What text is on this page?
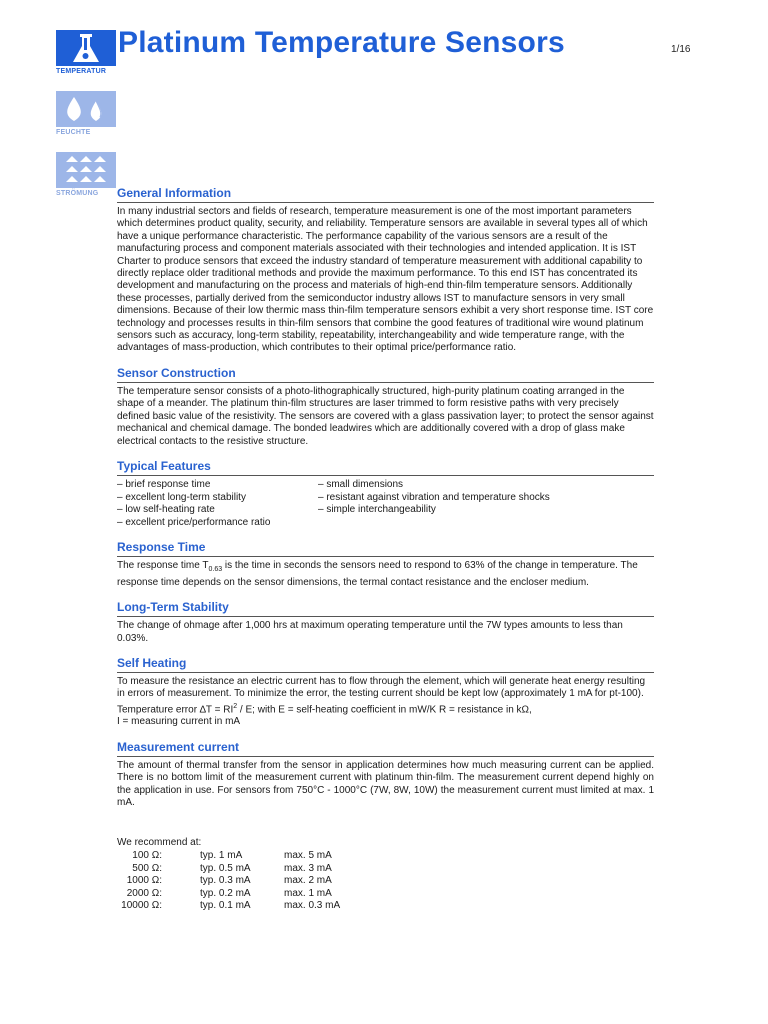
TEMPERATUR
FEUCHTE
STRÖMUNG
Platinum Temperature Sensors	1/16
General Information

In many industrial sectors and fields of research, temperature measurement is one of the most important parameters which determines product quality, security, and reliability. Temperature sensors are available in several types all of which have a unique performance characteristic. The performance capability of the various sensors are a result of the manufacturing process and component materials associated with their technologies and intended application. It is IST Charter to produce sensors that exceed the industry standard of temperature measurement with additional capability to directly replace older traditional methods and provide the maximum performance. To this end IST has concentrated its development and manufacturing on the process and materials of high-end thin-film temperature sensors. Additionally these processes, partially derived from the semiconductor industry allows IST to manufacture sensors in very small dimensions. Because of their low thermic mass thin-film temperature sensors exhibit a very short response time. IST core technology and processes results in thin-film sensors that combine the good features of traditional wire wound platinum sensors such as accuracy, long-term stability, repeatability, interchangeability and wide temperature range, with the advantages of mass-production, which contributes to their optimal price/performance ratio.

Sensor Construction

The temperature sensor consists of a photo-lithographically structured, high-purity platinum coating arranged in the shape of a meander. The platinum thin-film structures are laser trimmed to form resistive paths with very precisely defined basic value of the resistivity. The sensors are covered with a glass passivation layer; to protect the sensor against mechanical and chemical damage. The bonded leadwires which are additionally covered with a drop of glass make electrical contacts to the resistive structure.

Typical Features
– brief response time	– small dimensions
– excellent long-term stability	– resistant against vibration and temperature shocks
– low self-heating rate	– simple interchangeability
– excellent price/performance ratio
Response Time

The response time $T_{0.63}$ is the time in seconds the sensors need to respond to 63% of the change in temperature. The response time depends on the sensor dimensions, the termal contact resistance and the encloser medium.

Long-Term Stability

The change of ohmage after 1,000 hrs at maximum operating temperature until the 7W types amounts to less than 0.03%.

Self Heating

To measure the resistance an electric current has to flow through the element, which will generate heat energy resulting in errors of measurement. To minimize the error, the testing current should be kept low (approximately 1 mA for pt-100). Temperature error $\Delta T = RI^2 / E$; with E = self-heating coefficient in mW/K R = resistance in kΩ,
I = measuring current in mA

Measurement current

The amount of thermal transfer from the sensor in application determines how much measuring current can be applied. There is no bottom limit of the measurement current with platinum thin-film. The measurement current depend highly on the application in use. For sensors from 750°C - 1000°C (7W, 8W, 10W) the measurement current must limited at max. 1 mA.

We recommend at:
100 Ω:	typ. 1 mA	max. 5 mA
500 Ω:	typ. 0.5 mA	max. 3 mA
1000 Ω:	typ. 0.3 mA	max. 2 mA
2000 Ω:	typ. 0.2 mA	max. 1 mA
10000 Ω:	typ. 0.1 mA	max. 0.3 mA
